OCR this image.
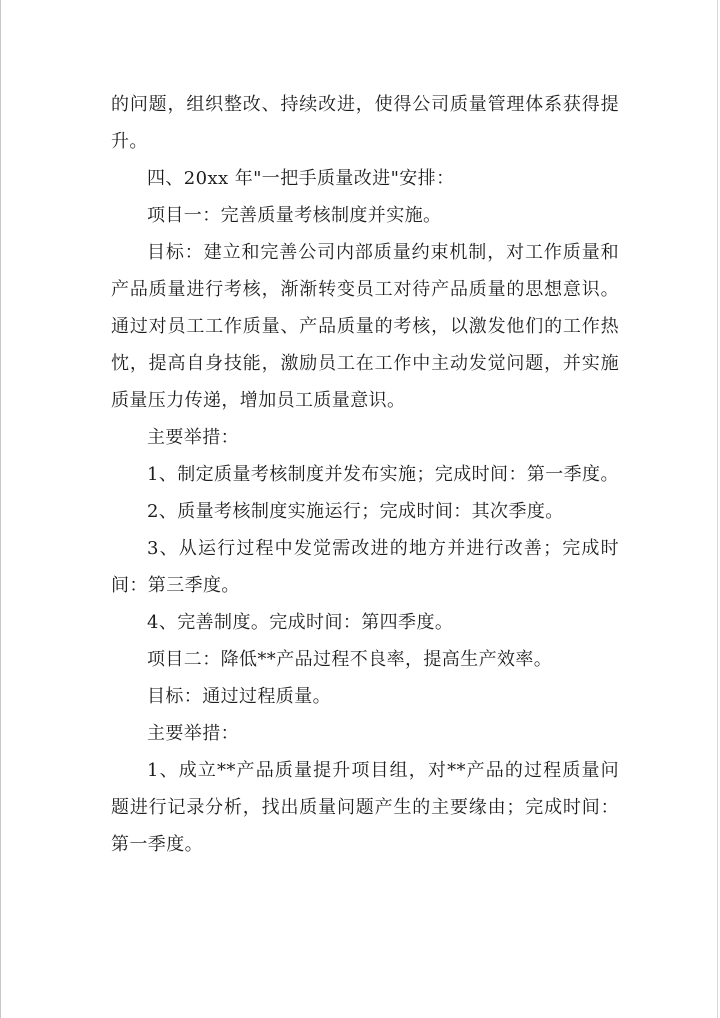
的问题，组织整改、持续改进，使得公司质量管理体系获得提升。

四、20xx 年"一把手质量改进"安排：

项目一：完善质量考核制度并实施。

目标：建立和完善公司内部质量约束机制，对工作质量和产品质量进行考核，渐渐转变员工对待产品质量的思想意识。通过对员工工作质量、产品质量的考核，以激发他们的工作热忱，提高自身技能，激励员工在工作中主动发觉问题，并实施质量压力传递，增加员工质量意识。

主要举措：

1、制定质量考核制度并发布实施；完成时间：第一季度。

2、质量考核制度实施运行；完成时间：其次季度。

3、从运行过程中发觉需改进的地方并进行改善；完成时间：第三季度。

4、完善制度。完成时间：第四季度。

项目二：降低**产品过程不良率，提高生产效率。

目标：通过过程质量。

主要举措：

1、成立**产品质量提升项目组，对**产品的过程质量问题进行记录分析，找出质量问题产生的主要缘由；完成时间：第一季度。
